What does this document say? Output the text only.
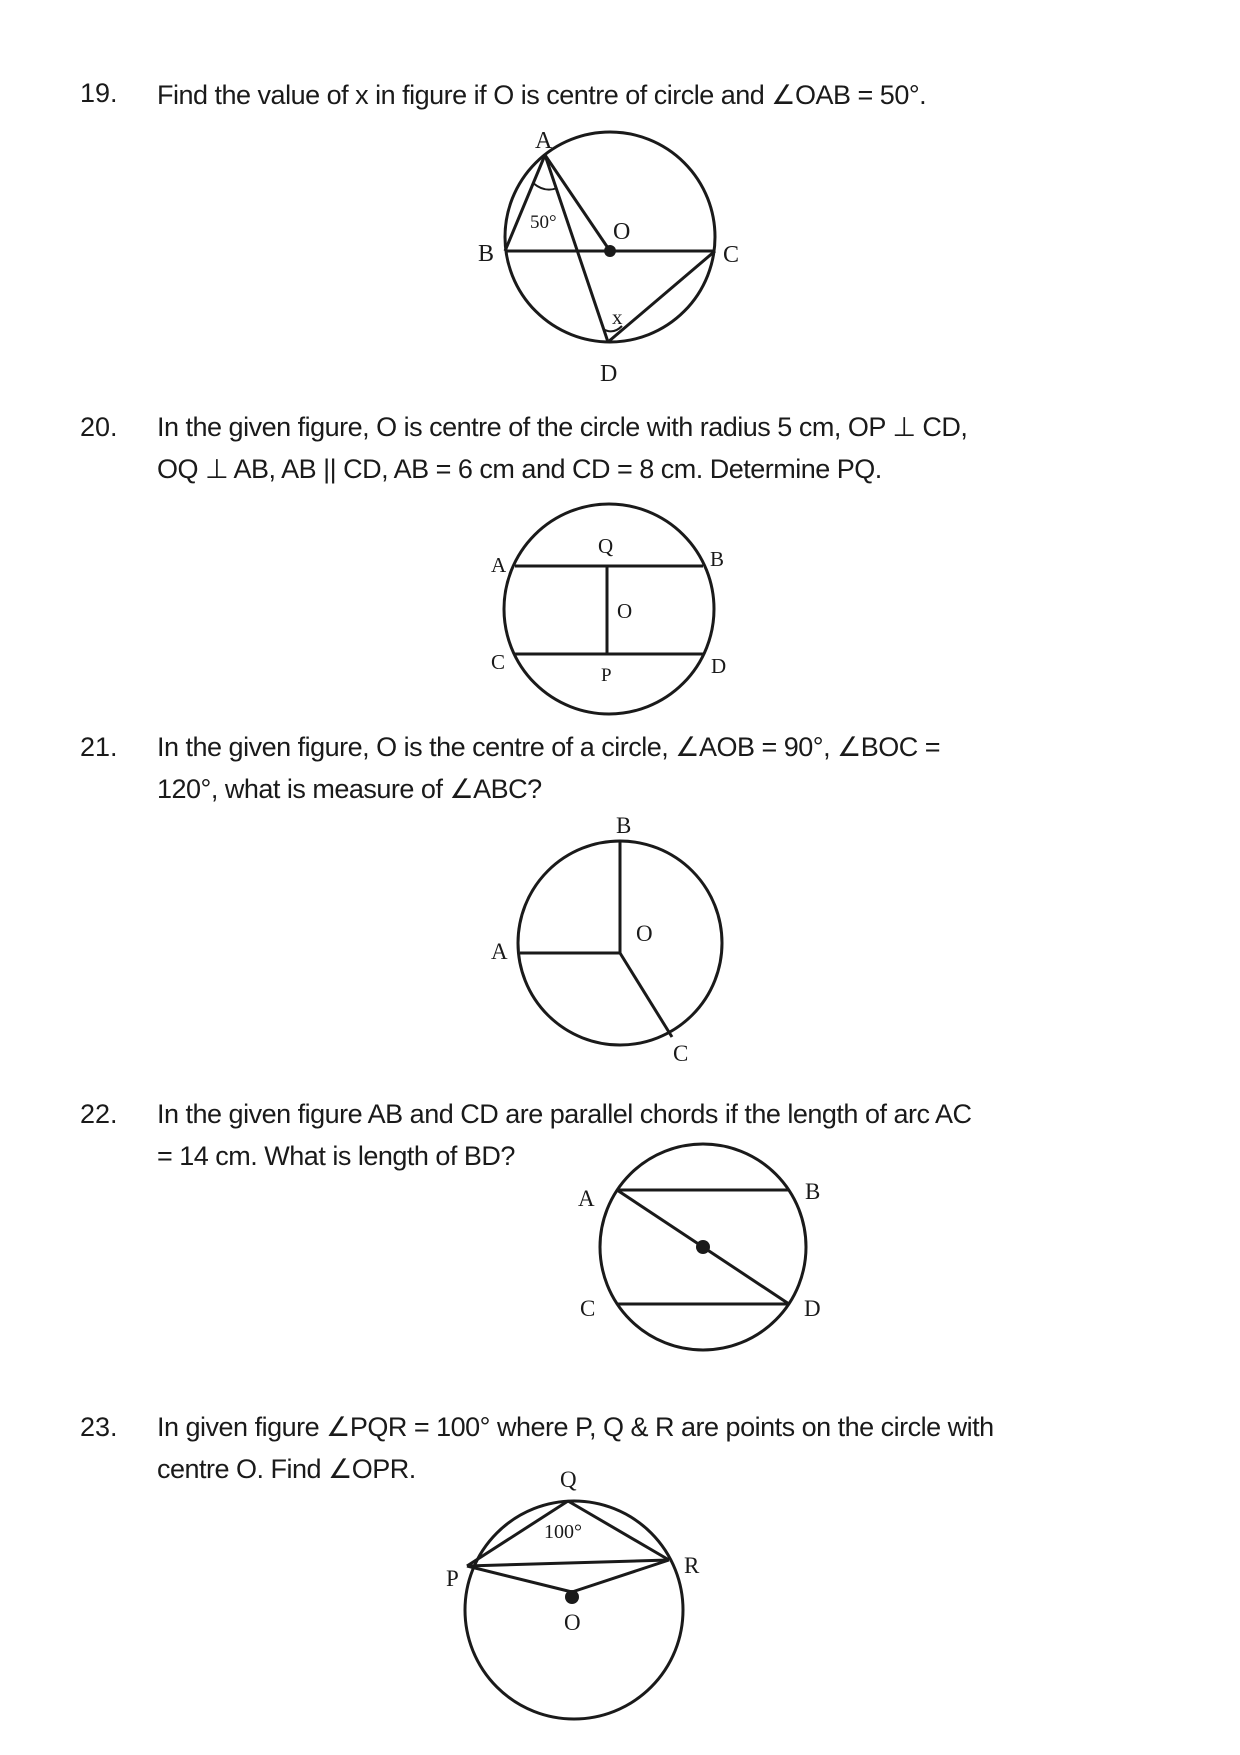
19. Find the value of x in figure if O is centre of circle and ∠OAB = 50°.
A
B	C
D
O
50°
x
A	B
C	D
Q
P
O
B
A
C
O
A	B
C	D
P
Q
R
O
100°
20. In the given figure, O is centre of the circle with radius 5 cm, OP ⊥ CD,
OQ ⊥ AB, AB || CD, AB = 6 cm and CD = 8 cm. Determine PQ.
21. In the given figure, O is the centre of a circle, ∠AOB = 90°, ∠BOC =
120°, what is measure of ∠ABC?
22. In the given figure AB and CD are parallel chords if the length of arc AC
= 14 cm. What is length of BD?
23. In given figure ∠PQR = 100° where P, Q & R are points on the circle with
centre O. Find ∠OPR.
